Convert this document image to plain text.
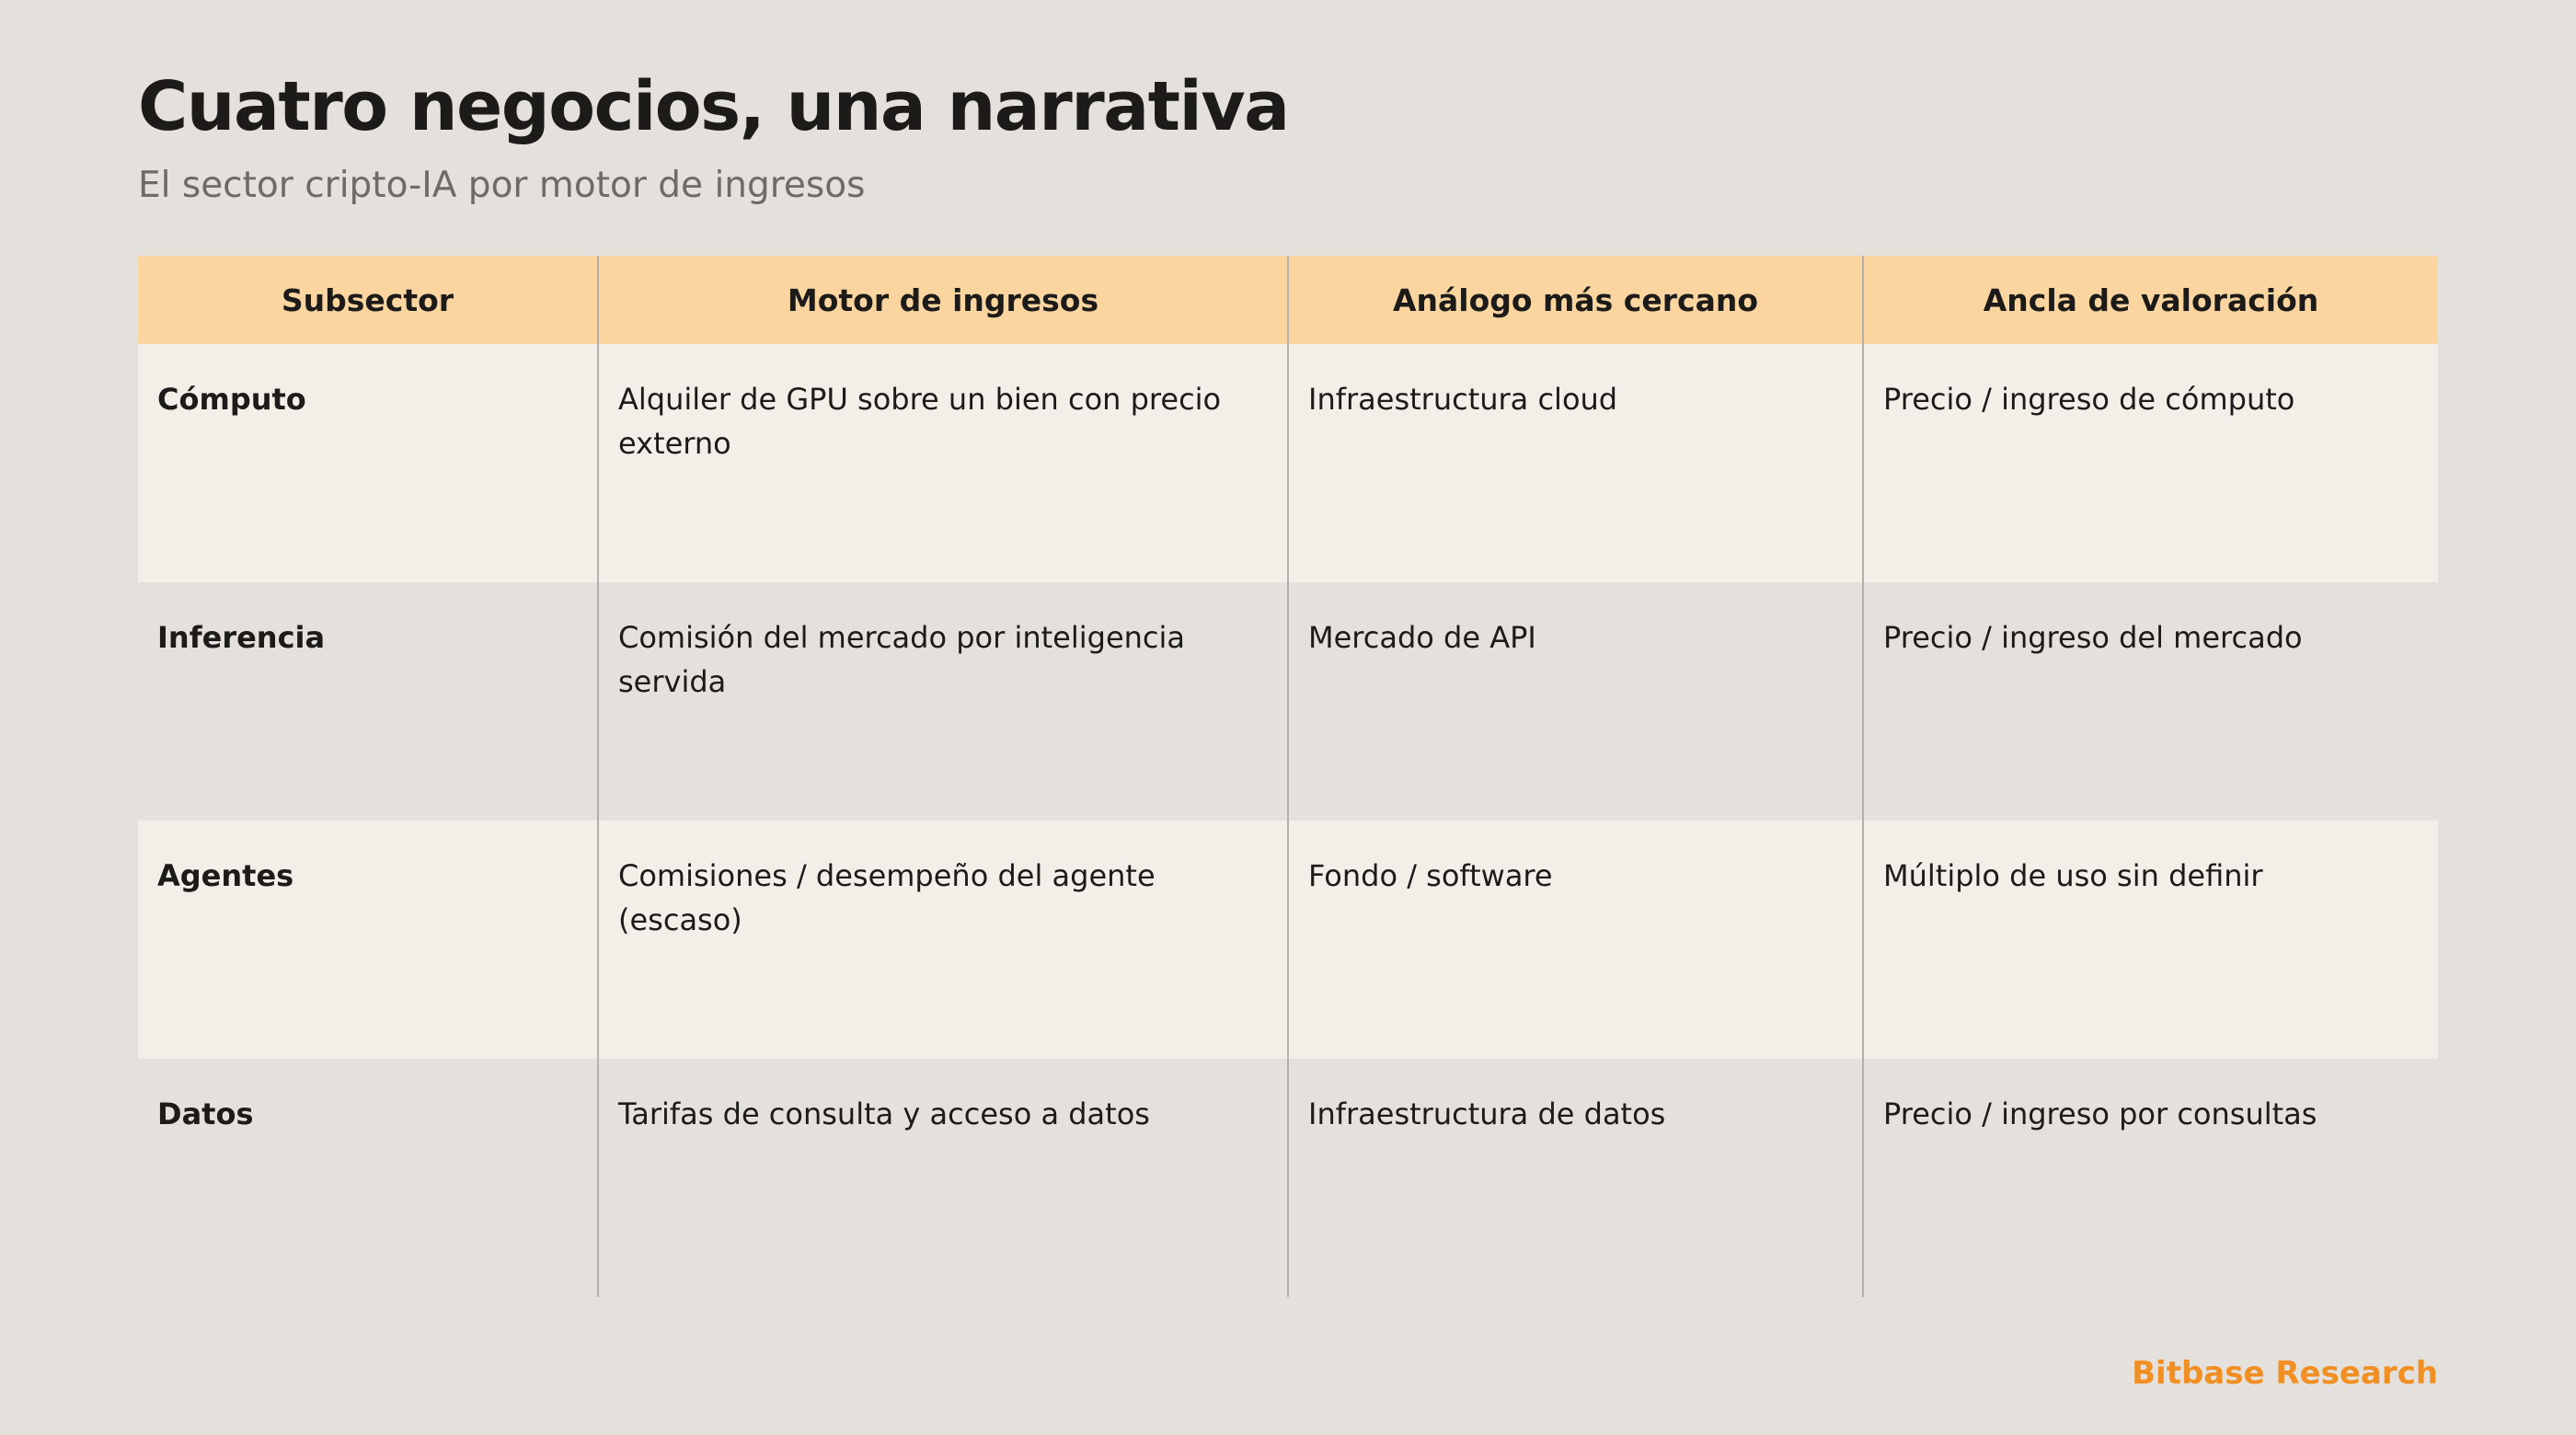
Cuatro negocios, una narrativa

El sector cripto-IA por motor de ingresos

Subsector	Motor de ingresos	Análogo más cercano	Ancla de valoración
Cómputo	Alquiler de GPU sobre un bien con precio externo	Infraestructura cloud	Precio / ingreso de cómputo
Inferencia	Comisión del mercado por inteligencia servida	Mercado de API	Precio / ingreso del mercado
Agentes	Comisiones / desempeño del agente (escaso)	Fondo / software	Múltiplo de uso sin definir
Datos	Tarifas de consulta y acceso a datos	Infraestructura de datos	Precio / ingreso por consultas
Bitbase Research
